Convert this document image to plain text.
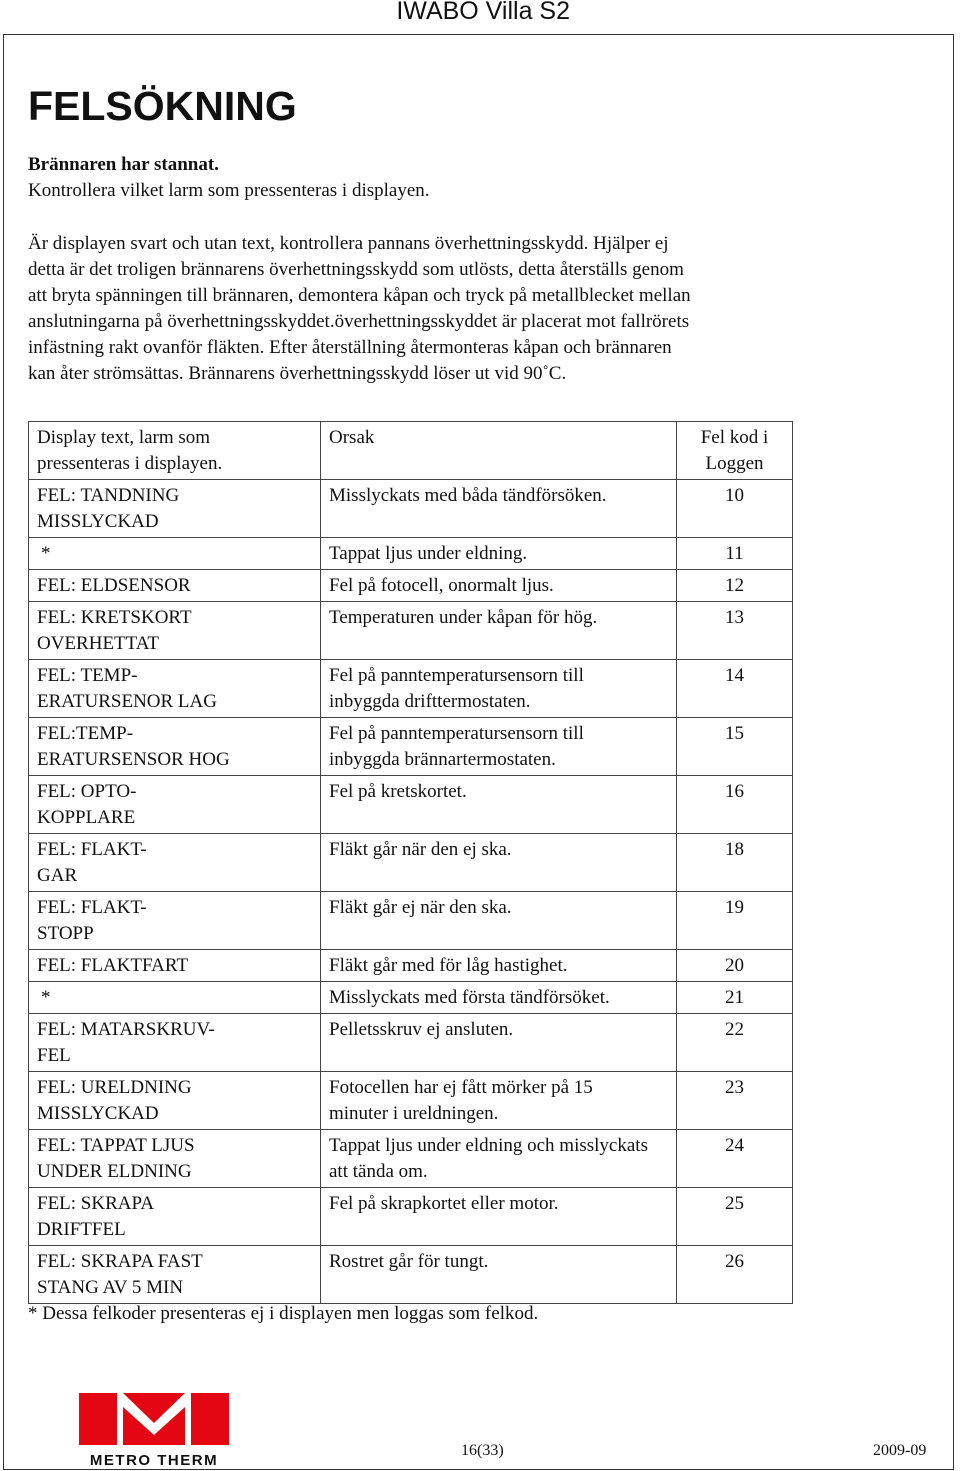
IWABO Villa S2
FELSÖKNING

Brännaren har stannat.

Kontrollera vilket larm som pressenteras i displayen.

Är displayen svart och utan text, kontrollera pannans överhettningsskydd. Hjälper ej
detta är det troligen brännarens överhettningsskydd som utlösts, detta återställs genom
att bryta spänningen till brännaren, demontera kåpan och tryck på metallblecket mellan
anslutningarna på överhettningsskyddet.överhettningsskyddet är placerat mot fallrörets
infästning rakt ovanför fläkten. Efter återställning återmonteras kåpan och brännaren
kan åter strömsättas. Brännarens överhettningsskydd löser ut vid 90˚C.
Display text, larm som
pressenteras i displayen.	Orsak	Fel kod i
Loggen
FEL: TANDNING
MISSLYCKAD	Misslyckats med båda tändförsöken.	10
*	Tappat ljus under eldning.	11
FEL: ELDSENSOR	Fel på fotocell, onormalt ljus.	12
FEL: KRETSKORT
OVERHETTAT	Temperaturen under kåpan för hög.	13
FEL: TEMP-
ERATURSENOR LAG	Fel på panntemperatursensorn till
inbyggda drifttermostaten.	14
FEL:TEMP-
ERATURSENSOR HOG	Fel på panntemperatursensorn till
inbyggda brännartermostaten.	15
FEL: OPTO-
KOPPLARE	Fel på kretskortet.	16
FEL: FLAKT-
GAR	Fläkt går när den ej ska.	18
FEL: FLAKT-
STOPP	Fläkt går ej när den ska.	19
FEL: FLAKTFART	Fläkt går med för låg hastighet.	20
*	Misslyckats med första tändförsöket.	21
FEL: MATARSKRUV-
FEL	Pelletsskruv ej ansluten.	22
FEL: URELDNING
MISSLYCKAD	Fotocellen har ej fått mörker på 15
minuter i ureldningen.	23
FEL: TAPPAT LJUS
UNDER ELDNING	Tappat ljus under eldning och misslyckats
att tända om.	24
FEL: SKRAPA
DRIFTFEL	Fel på skrapkortet eller motor.	25
FEL: SKRAPA FAST
STANG AV 5 MIN	Rostret går för tungt.	26

* Dessa felkoder presenteras ej i displayen men loggas som felkod.

METRO THERM
16(33)	2009-09
